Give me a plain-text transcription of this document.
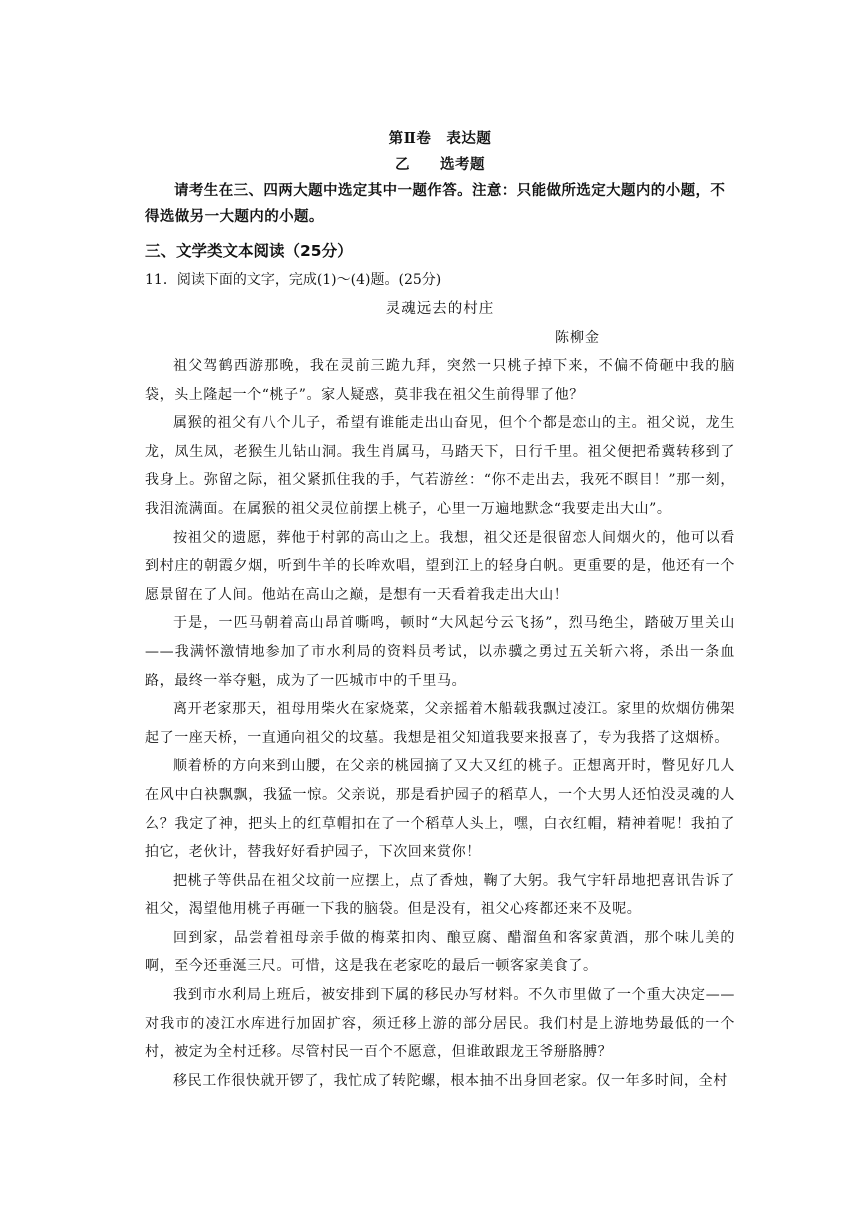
第Ⅱ卷　表达题
乙　　选考题

请考生在三、四两大题中选定其中一题作答。注意：只能做所选定大题内的小题，不得选做另一大题内的小题。

三、文学类文本阅读（25分）
11．阅读下面的文字，完成(1)～(4)题。(25分)
灵魂远去的村庄
陈柳金

祖父驾鹤西游那晚，我在灵前三跪九拜，突然一只桃子掉下来，不偏不倚砸中我的脑袋，头上隆起一个“桃子”。家人疑惑，莫非我在祖父生前得罪了他？

属猴的祖父有八个儿子，希望有谁能走出山奋见，但个个都是恋山的主。祖父说，龙生龙，凤生凤，老猴生儿钻山洞。我生肖属马，马踏天下，日行千里。祖父便把希冀转移到了我身上。弥留之际，祖父紧抓住我的手，气若游丝：“你不走出去，我死不瞑目！”那一刻，我泪流满面。在属猴的祖父灵位前摆上桃子，心里一万遍地默念“我要走出大山”。

按祖父的遗愿，葬他于村郭的高山之上。我想，祖父还是很留恋人间烟火的，他可以看到村庄的朝霞夕烟，听到牛羊的长哞欢唱，望到江上的轻身白帆。更重要的是，他还有一个愿景留在了人间。他站在高山之巅，是想有一天看着我走出大山！

于是，一匹马朝着高山昂首嘶鸣，顿时“大风起兮云飞扬”，烈马绝尘，踏破万里关山——我满怀激情地参加了市水利局的资料员考试，以赤骥之勇过五关斩六将，杀出一条血路，最终一举夺魁，成为了一匹城市中的千里马。

离开老家那天，祖母用柴火在家烧菜，父亲摇着木船载我飘过凌江。家里的炊烟仿佛架起了一座天桥，一直通向祖父的坟墓。我想是祖父知道我要来报喜了，专为我搭了这烟桥。

顺着桥的方向来到山腰，在父亲的桃园摘了又大又红的桃子。正想离开时，瞥见好几人在风中白袂飘飘，我猛一惊。父亲说，那是看护园子的稻草人，一个大男人还怕没灵魂的人么？我定了神，把头上的红草帽扣在了一个稻草人头上，嘿，白衣红帽，精神着呢！我拍了拍它，老伙计，替我好好看护园子，下次回来赏你！

把桃子等供品在祖父坟前一应摆上，点了香烛，鞠了大躬。我气宇轩昂地把喜讯告诉了祖父，渴望他用桃子再砸一下我的脑袋。但是没有，祖父心疼都还来不及呢。

回到家，品尝着祖母亲手做的梅菜扣肉、酿豆腐、醋溜鱼和客家黄酒，那个味儿美的啊，至今还垂涎三尺。可惜，这是我在老家吃的最后一顿客家美食了。

我到市水利局上班后，被安排到下属的移民办写材料。不久市里做了一个重大决定——对我市的凌江水库进行加固扩容，须迁移上游的部分居民。我们村是上游地势最低的一个村，被定为全村迁移。尽管村民一百个不愿意，但谁敢跟龙王爷掰胳膊？

移民工作很快就开锣了，我忙成了转陀螺，根本抽不出身回老家。仅一年多时间，全村
